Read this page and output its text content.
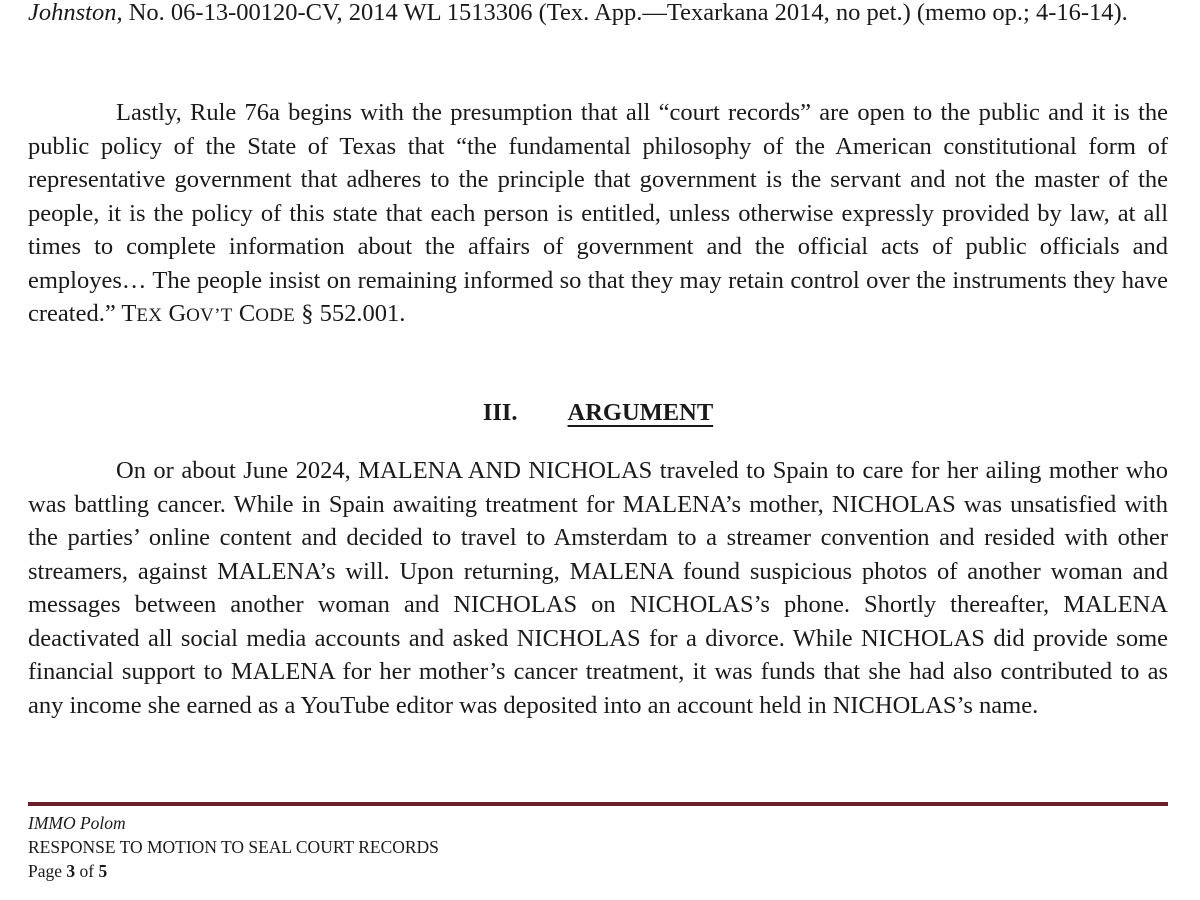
Johnston, No. 06-13-00120-CV, 2014 WL 1513306 (Tex. App.—Texarkana 2014, no pet.) (memo op.; 4-16-14).

Lastly, Rule 76a begins with the presumption that all “court records” are open to the public and it is the public policy of the State of Texas that “the fundamental philosophy of the American constitutional form of representative government that adheres to the principle that government is the servant and not the master of the people, it is the policy of this state that each person is entitled, unless otherwise expressly provided by law, at all times to complete information about the affairs of government and the official acts of public officials and employes… The people insist on remaining informed so that they may retain control over the instruments they have created.” TEX GOV’T CODE § 552.001.

III. ARGUMENT

On or about June 2024, MALENA AND NICHOLAS traveled to Spain to care for her ailing mother who was battling cancer. While in Spain awaiting treatment for MALENA’s mother, NICHOLAS was unsatisfied with the parties’ online content and decided to travel to Amsterdam to a streamer convention and resided with other streamers, against MALENA’s will. Upon returning, MALENA found suspicious photos of another woman and messages between another woman and NICHOLAS on NICHOLAS’s phone. Shortly thereafter, MALENA deactivated all social media accounts and asked NICHOLAS for a divorce. While NICHOLAS did provide some financial support to MALENA for her mother’s cancer treatment, it was funds that she had also contributed to as any income she earned as a YouTube editor was deposited into an account held in NICHOLAS’s name.

IMMO Polom
RESPONSE TO MOTION TO SEAL COURT RECORDS
Page 3 of 5
